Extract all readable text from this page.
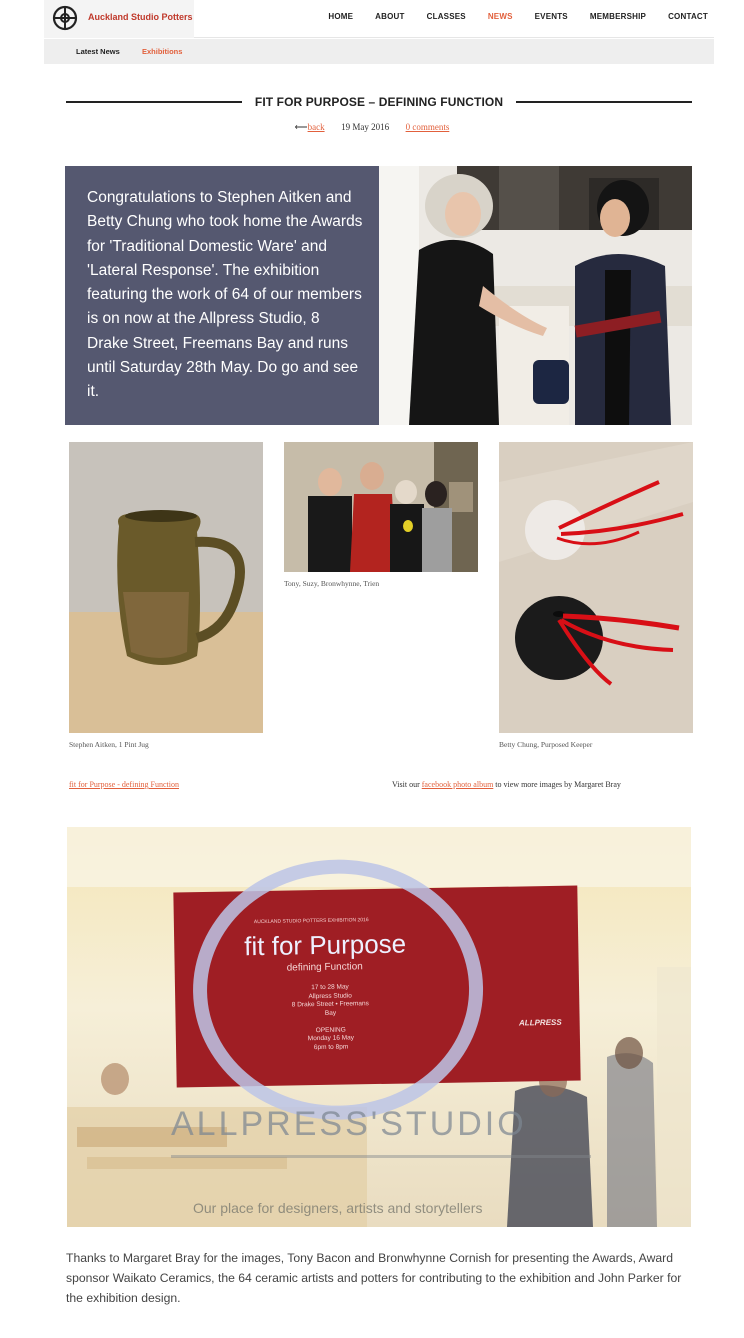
Auckland Studio Potters	HOME	ABOUT	CLASSES	NEWS	EVENTS	MEMBERSHIP	CONTACT
Latest News	Exhibitions
FIT FOR PURPOSE – DEFINING FUNCTION
⟵back 19 May 2016 0 comments
Congratulations to Stephen Aitken and Betty Chung who took home the Awards for 'Traditional Domestic Ware' and 'Lateral Response'. The exhibition featuring the work of 64 of our members is on now at the Allpress Studio, 8 Drake Street, Freemans Bay and runs until Saturday 28th May. Do go and see it.
Stephen Aitken, 1 Pint Jug
Tony, Suzy, Bronwhynne, Trien
Betty Chung, Purposed Keeper
fit for Purpose - defining Function	Visit our facebook photo album to view more images by Margaret Bray
AUCKLAND STUDIO POTTERS EXHIBITION 2016
fit for Purpose
defining Function
17 to 28 May
Allpress Studio
8 Drake Street • Freemans Bay

OPENING
Monday 16 May
6pm to 8pm
ALLPRESS
ALLPRESS'STUDIO
Our place for designers, artists and storytellers
Thanks to Margaret Bray for the images, Tony Bacon and Bronwhynne Cornish for presenting the Awards, Award sponsor Waikato Ceramics, the 64 ceramic artists and potters for contributing to the exhibition and John Parker for the exhibition design.
